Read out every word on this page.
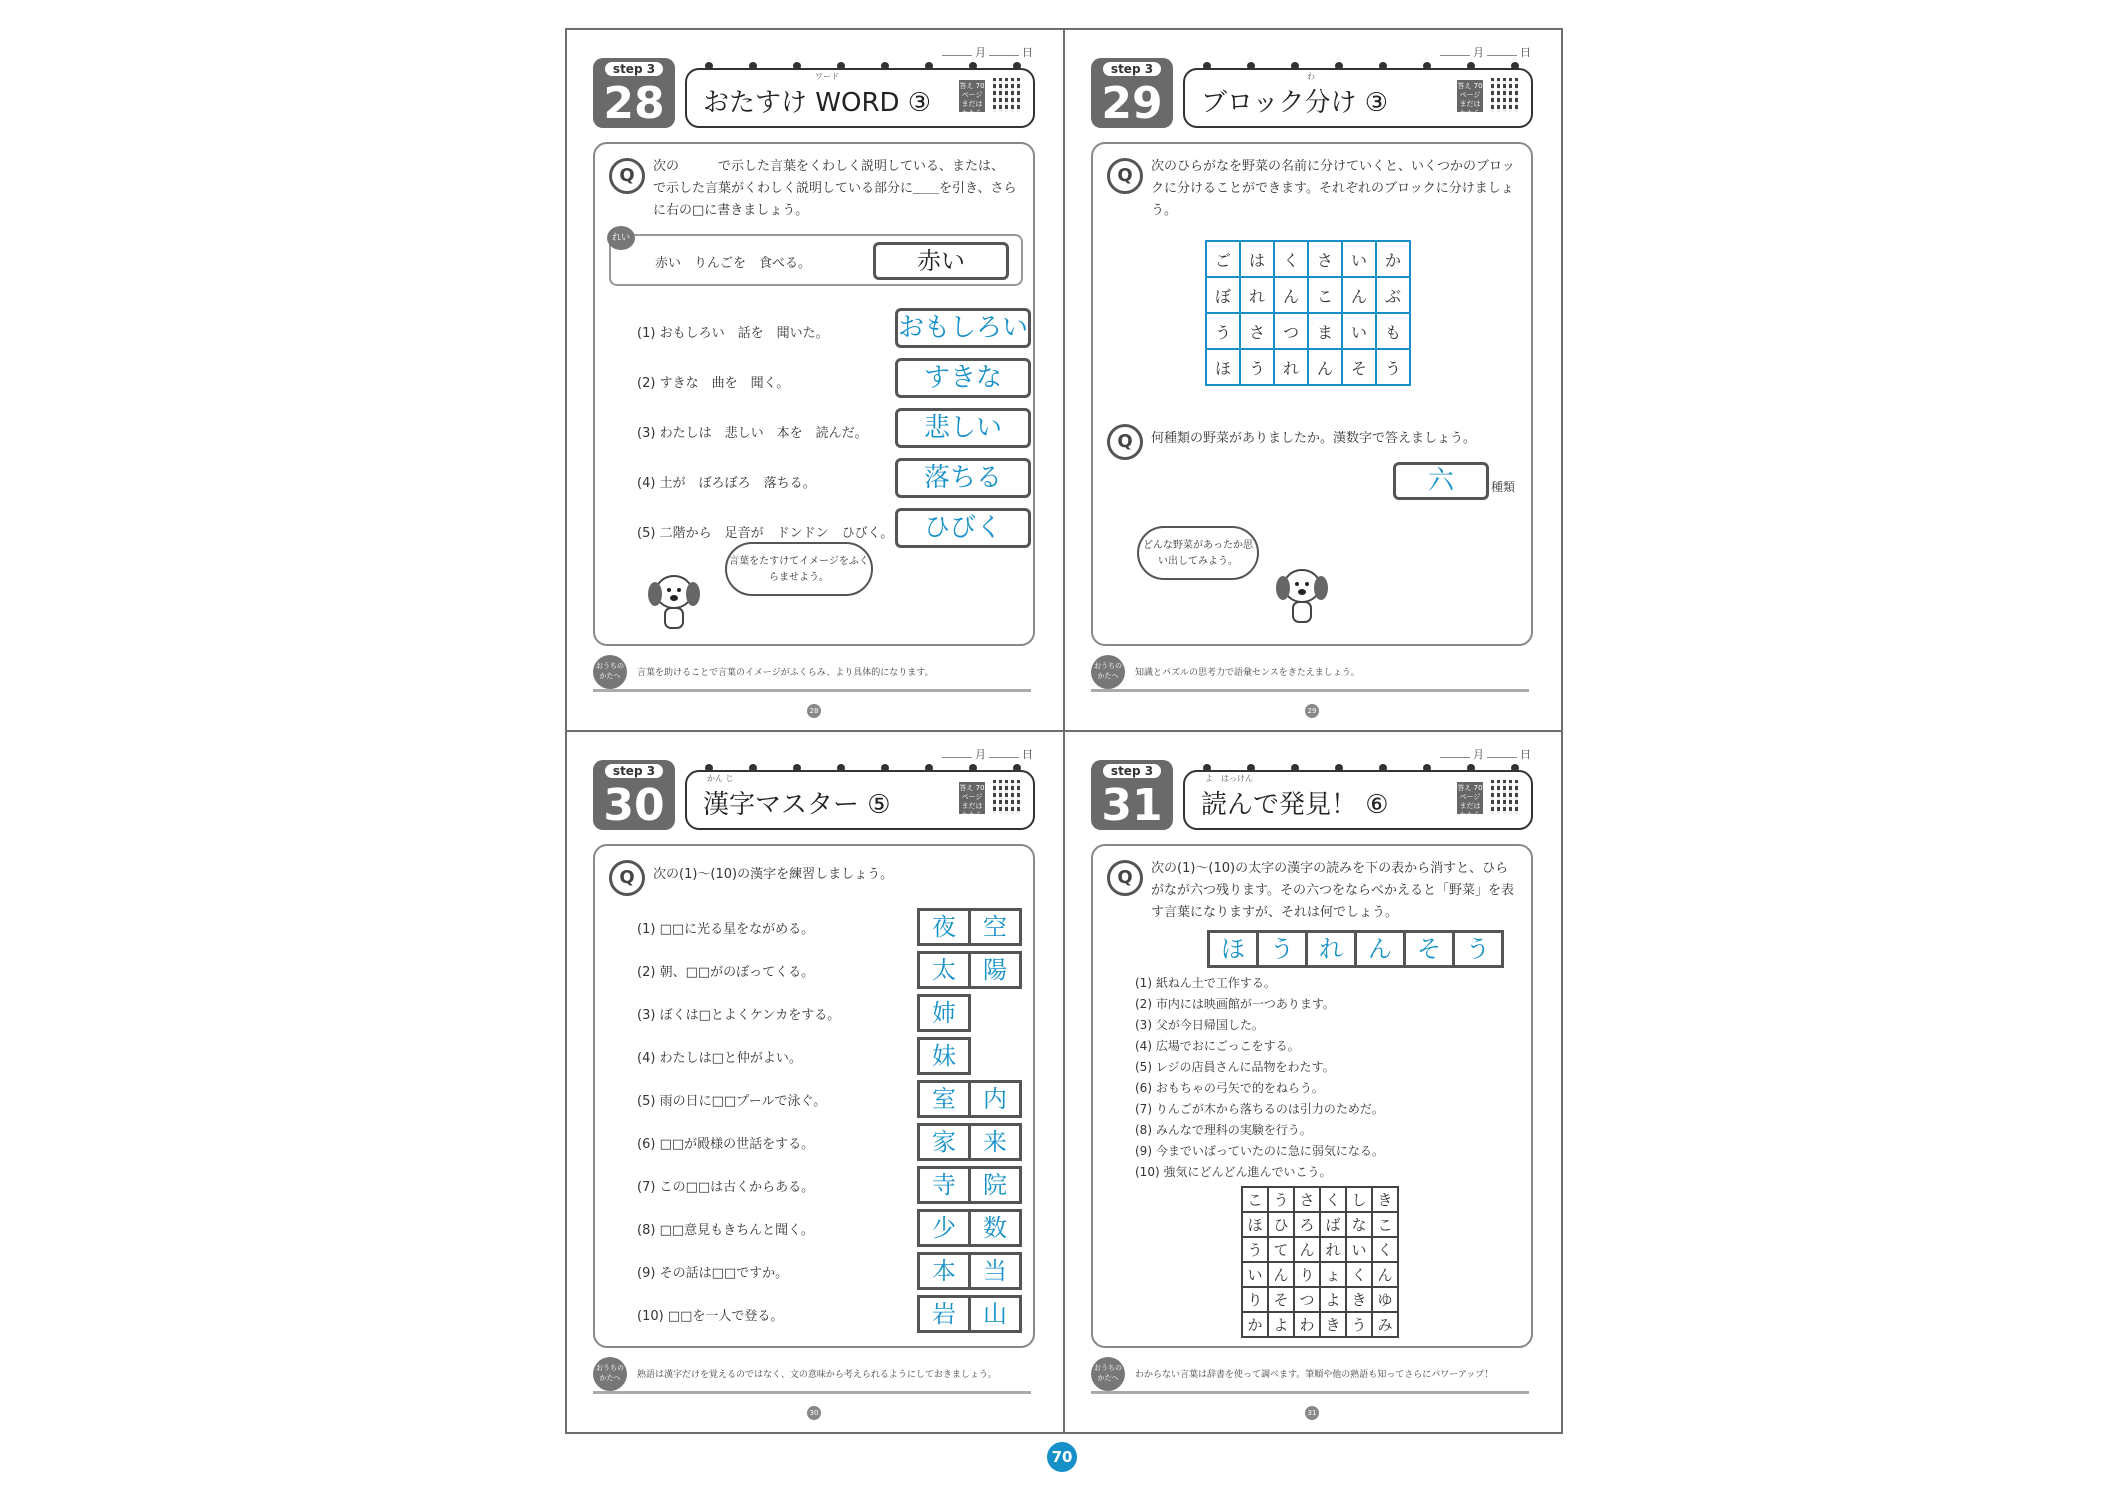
月	日
step 3
28	おたすけ WORD ③
ワード
答え 70ページ まだはわから
Q	次の　　　で示した言葉をくわしく説明している、または、　　　　で示した言葉がくわしく説明している部分に＿＿を引き、さらに右の□に書きましょう。
れい
赤い　りんごを　食べる。	赤い
(1) おもしろい　話を　聞いた。	おもしろい
(2) すきな　曲を　聞く。	すきな
(3) わたしは　悲しい　本を　読んだ。	悲しい
(4) 土が　ぼろぼろ　落ちる。	落ちる
(5) 二階から　足音が　ドンドン　ひびく。	ひびく
言葉をたすけてイメージをふくらませよう。
おうちの かたへ	言葉を助けることで言葉のイメージがふくらみ、より具体的になります。
28
月	日
step 3
29	ブロック分け ③
わ
答え 70ページ まだはわから
Q	次のひらがなを野菜の名前に分けていくと、いくつかのブロックに分けることができます。それぞれのブロックに分けましょう。
ご	は	く	さ	い	か
ぼ	れ	ん	こ	ん	ぶ
う	さ	つ	ま	い	も
ほ	う	れ	ん	そ	う
Q	何種類の野菜がありましたか。漢数字で答えましょう。
六	種類
どんな野菜があったか思い出してみよう。
おうちの かたへ	知識とパズルの思考力で語彙センスをきたえましょう。
29
月	日
step 3
30	漢字マスター ⑤
かん じ
答え 70ページ まだはわから
Q	次の(1)～(10)の漢字を練習しましょう。
(1) □□に光る星をながめる。	夜	空
(2) 朝、□□がのぼってくる。	太	陽
(3) ぼくは□とよくケンカをする。	姉
(4) わたしは□と仲がよい。	妹
(5) 雨の日に□□プールで泳ぐ。	室	内
(6) □□が殿様の世話をする。	家	来
(7) この□□は古くからある。	寺	院
(8) □□意見もきちんと聞く。	少	数
(9) その話は□□ですか。	本	当
(10) □□を一人で登る。	岩	山
おうちの かたへ	熟語は漢字だけを覚えるのではなく、文の意味から考えられるようにしておきましょう。
30
月	日
step 3
31	読んで発見！ ⑥
よ　はっけん
答え 70ページ まだはわから
Q	次の(1)～(10)の太字の漢字の読みを下の表から消すと、ひらがなが六つ残ります。その六つをならべかえると「野菜」を表す言葉になりますが、それは何でしょう。
ほ	う	れ	ん	そ	う
(1) 紙ねん土で工作する。
(2) 市内には映画館が一つあります。
(3) 父が今日帰国した。
(4) 広場でおにごっこをする。
(5) レジの店員さんに品物をわたす。
(6) おもちゃの弓矢で的をねらう。
(7) りんごが木から落ちるのは引力のためだ。
(8) みんなで理科の実験を行う。
(9) 今までいばっていたのに急に弱気になる。
(10) 強気にどんどん進んでいこう。
こ	う	さ	く	し	き
ほ	ひ	ろ	ば	な	こ
う	て	ん	れ	い	く
い	ん	り	ょ	く	ん
り	そ	つ	よ	き	ゆ
か	よ	わ	き	う	み
おうちの かたへ	わからない言葉は辞書を使って調べます。筆順や他の熟語も知ってさらにパワーアップ！
31
70
